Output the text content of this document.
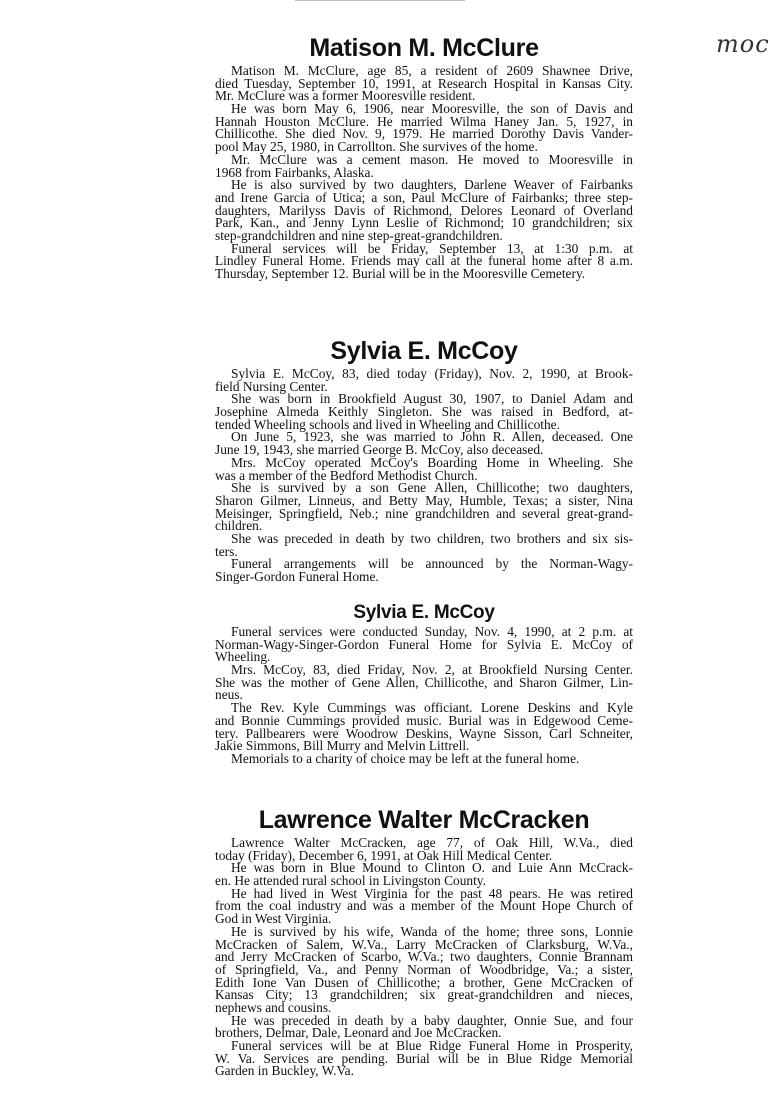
moc
Matison M. McClure
Matison M. McClure, age 85, a resident of 2609 Shawnee Drive,
died Tuesday, September 10, 1991, at Research Hospital in Kansas City.
Mr. McClure was a former Mooresville resident.
He was born May 6, 1906, near Mooresville, the son of Davis and
Hannah Houston McClure. He married Wilma Haney Jan. 5, 1927, in
Chillicothe. She died Nov. 9, 1979. He married Dorothy Davis Vander-
pool May 25, 1980, in Carrollton. She survives of the home.
Mr. McClure was a cement mason. He moved to Mooresville in
1968 from Fairbanks, Alaska.
He is also survived by two daughters, Darlene Weaver of Fairbanks
and Irene Garcia of Utica; a son, Paul McClure of Fairbanks; three step-
daughters, Marilyss Davis of Richmond, Delores Leonard of Overland
Park, Kan., and Jenny Lynn Leslie of Richmond; 10 grandchildren; six
step-grandchildren and nine step-great-grandchildren.
Funeral services will be Friday, September 13, at 1:30 p.m. at
Lindley Funeral Home. Friends may call at the funeral home after 8 a.m.
Thursday, September 12. Burial will be in the Mooresville Cemetery.
Sylvia E. McCoy
Sylvia E. McCoy, 83, died today (Friday), Nov. 2, 1990, at Brook-
field Nursing Center.
She was born in Brookfield August 30, 1907, to Daniel Adam and
Josephine Almeda Keithly Singleton. She was raised in Bedford, at-
tended Wheeling schools and lived in Wheeling and Chillicothe.
On June 5, 1923, she was married to John R. Allen, deceased. One
June 19, 1943, she married George B. McCoy, also deceased.
Mrs. McCoy operated McCoy's Boarding Home in Wheeling. She
was a member of the Bedford Methodist Church.
She is survived by a son Gene Allen, Chillicothe; two daughters,
Sharon Gilmer, Linneus, and Betty May, Humble, Texas; a sister, Nina
Meisinger, Springfield, Neb.; nine grandchildren and several great-grand-
children.
She was preceded in death by two children, two brothers and six sis-
ters.
Funeral arrangements will be announced by the Norman-Wagy-
Singer-Gordon Funeral Home.
Sylvia E. McCoy
Funeral services were conducted Sunday, Nov. 4, 1990, at 2 p.m. at
Norman-Wagy-Singer-Gordon Funeral Home for Sylvia E. McCoy of
Wheeling.
Mrs. McCoy, 83, died Friday, Nov. 2, at Brookfield Nursing Center.
She was the mother of Gene Allen, Chillicothe, and Sharon Gilmer, Lin-
neus.
The Rev. Kyle Cummings was officiant. Lorene Deskins and Kyle
and Bonnie Cummings provided music. Burial was in Edgewood Ceme-
tery. Pallbearers were Woodrow Deskins, Wayne Sisson, Carl Schneiter,
Jakie Simmons, Bill Murry and Melvin Littrell.
Memorials to a charity of choice may be left at the funeral home.
Lawrence Walter McCracken
Lawrence Walter McCracken, age 77, of Oak Hill, W.Va., died
today (Friday), December 6, 1991, at Oak Hill Medical Center.
He was born in Blue Mound to Clinton O. and Luie Ann McCrack-
en. He attended rural school in Livingston County.
He had lived in West Virginia for the past 48 pears. He was retired
from the coal industry and was a member of the Mount Hope Church of
God in West Virginia.
He is survived by his wife, Wanda of the home; three sons, Lonnie
McCracken of Salem, W.Va., Larry McCracken of Clarksburg, W.Va.,
and Jerry McCracken of Scarbo, W.Va.; two daughters, Connie Brannam
of Springfield, Va., and Penny Norman of Woodbridge, Va.; a sister,
Edith Ione Van Dusen of Chillicothe; a brother, Gene McCracken of
Kansas City; 13 grandchildren; six great-grandchildren and nieces,
nephews and cousins.
He was preceded in death by a baby daughter, Onnie Sue, and four
brothers, Delmar, Dale, Leonard and Joe McCracken.
Funeral services will be at Blue Ridge Funeral Home in Prosperity,
W. Va. Services are pending. Burial will be in Blue Ridge Memorial
Garden in Buckley, W.Va.
